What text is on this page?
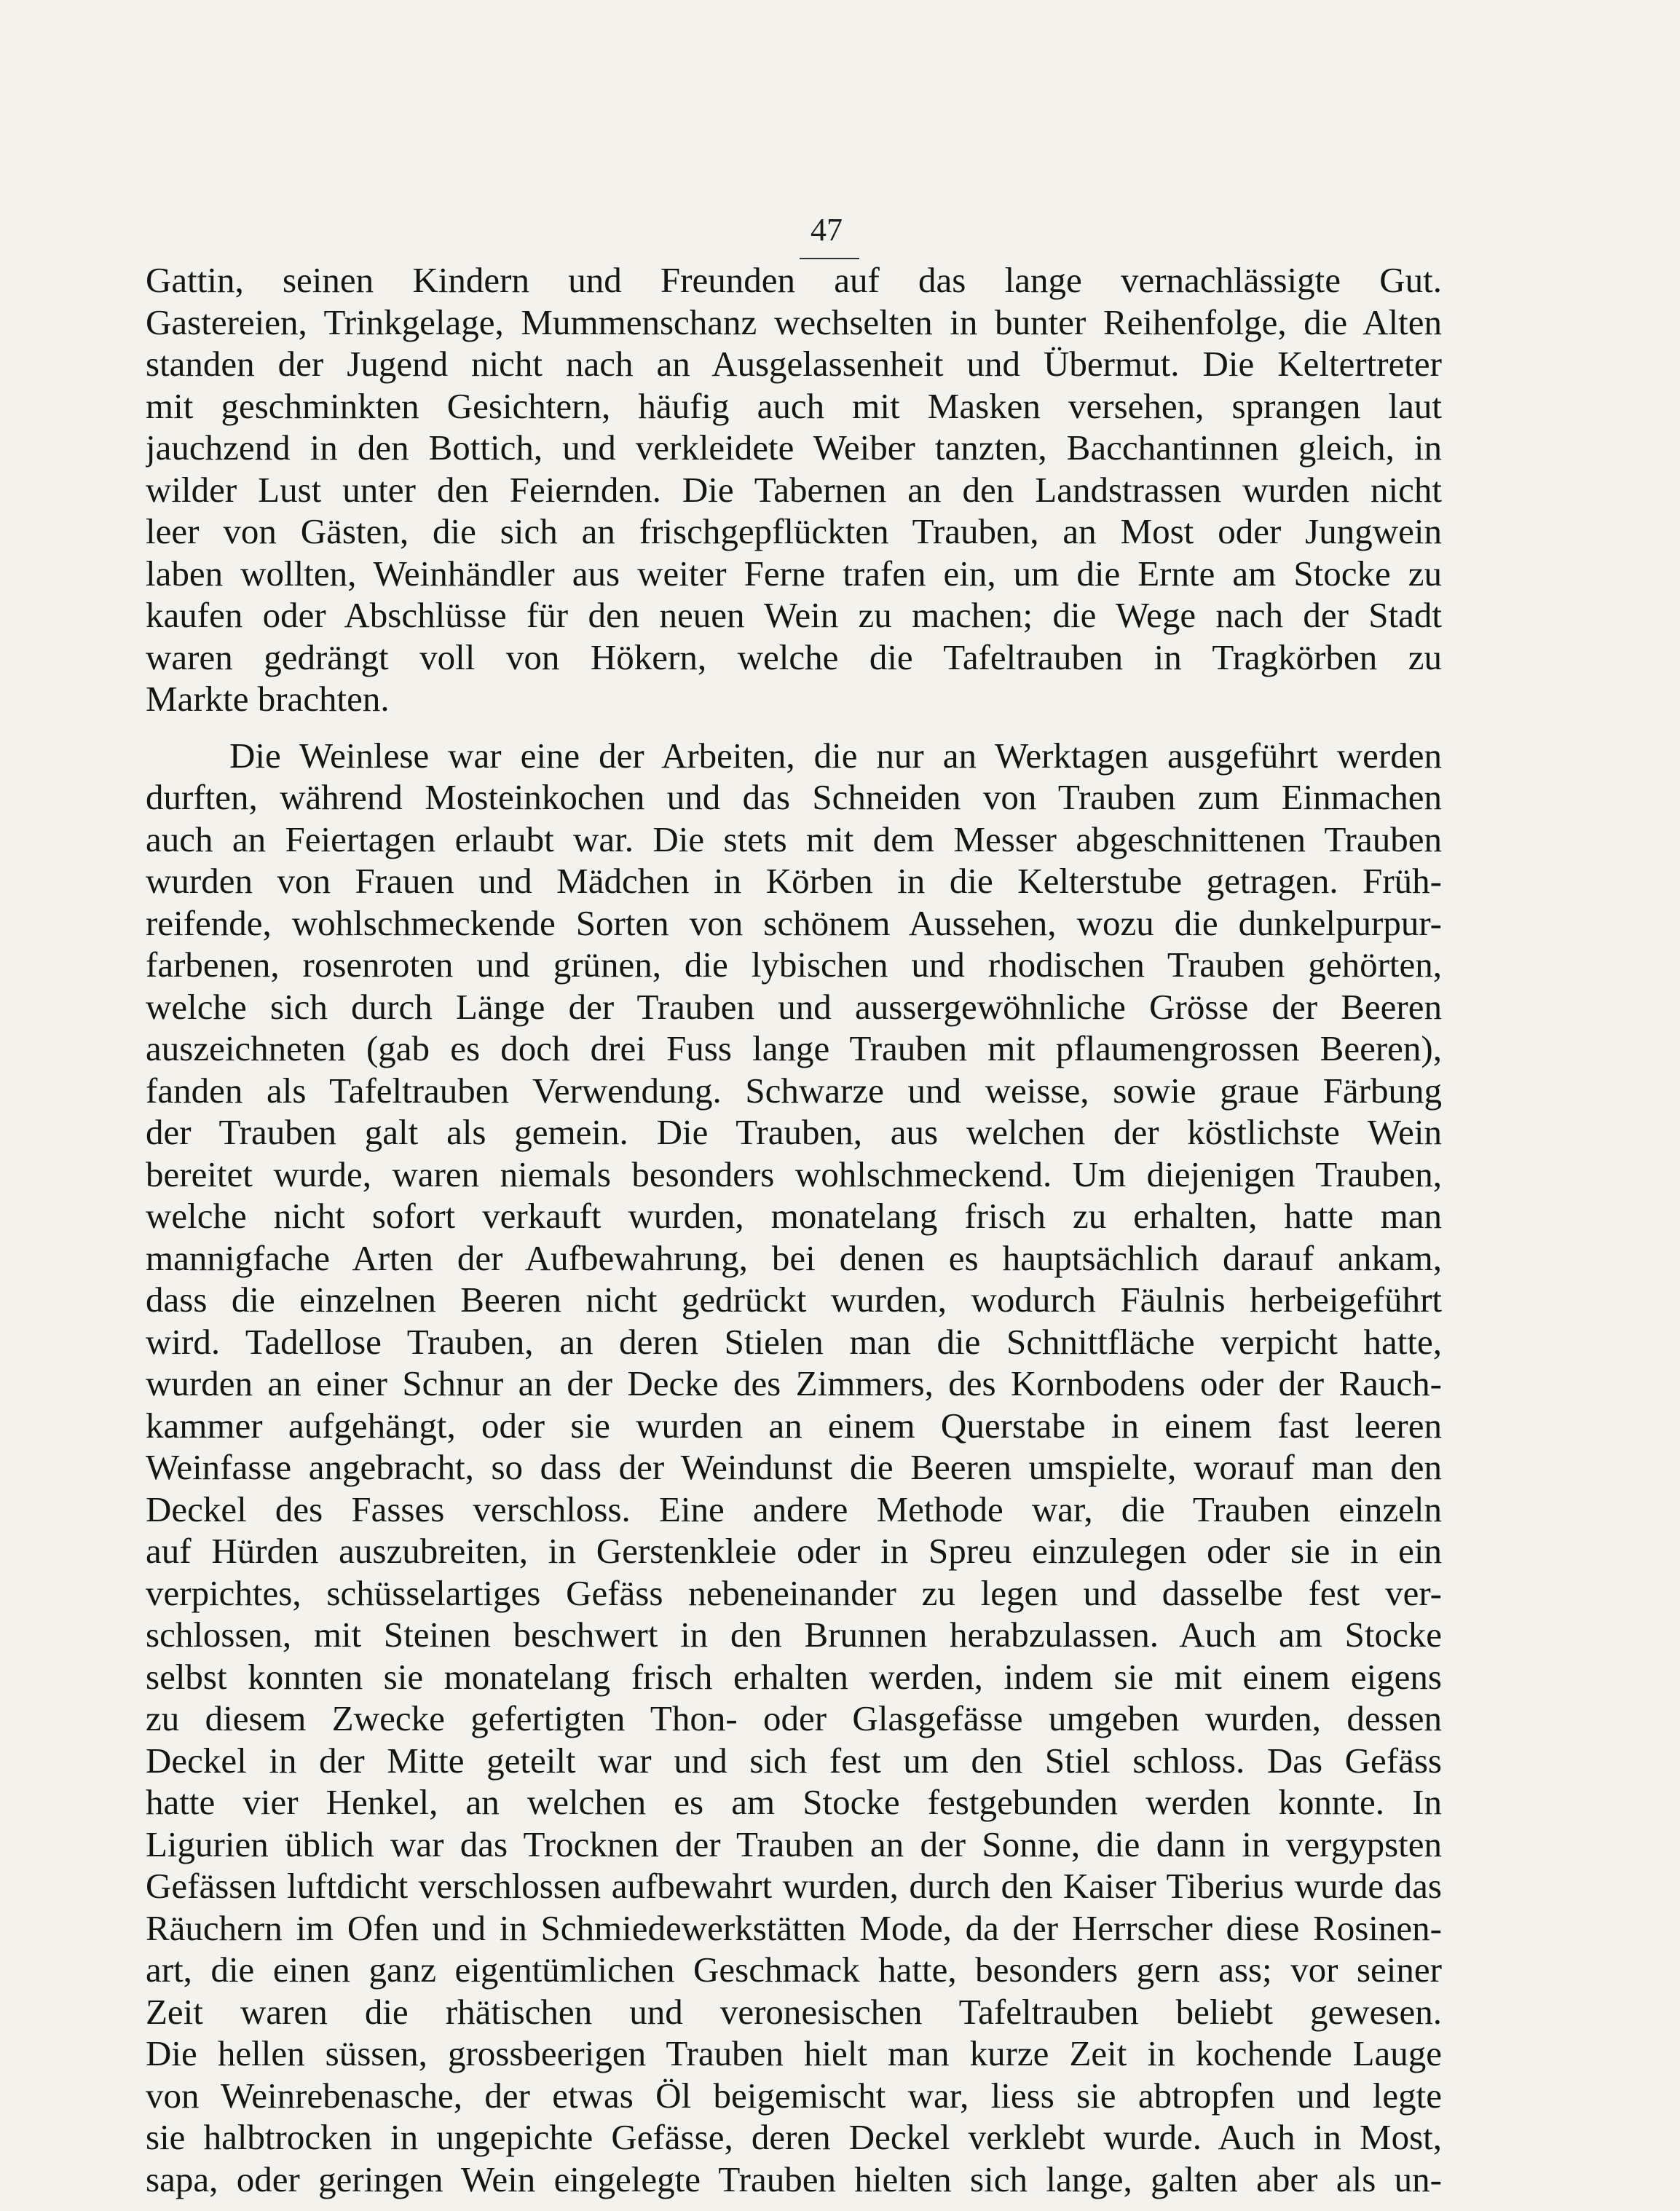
47
Gattin, seinen Kindern und Freunden auf das lange vernachlässigte Gut.
Gastereien, Trinkgelage, Mummenschanz wechselten in bunter Reihenfolge, die Alten
standen der Jugend nicht nach an Ausgelassenheit und Übermut. Die Keltertreter
mit geschminkten Gesichtern, häufig auch mit Masken versehen, sprangen laut
jauchzend in den Bottich, und verkleidete Weiber tanzten, Bacchantinnen gleich, in
wilder Lust unter den Feiernden. Die Tabernen an den Landstrassen wurden nicht
leer von Gästen, die sich an frischgepflückten Trauben, an Most oder Jungwein
laben wollten, Weinhändler aus weiter Ferne trafen ein, um die Ernte am Stocke zu
kaufen oder Abschlüsse für den neuen Wein zu machen; die Wege nach der Stadt
waren gedrängt voll von Hökern, welche die Tafeltrauben in Tragkörben zu
Markte brachten.
Die Weinlese war eine der Arbeiten, die nur an Werktagen ausgeführt werden
durften, während Mosteinkochen und das Schneiden von Trauben zum Einmachen
auch an Feiertagen erlaubt war. Die stets mit dem Messer abgeschnittenen Trauben
wurden von Frauen und Mädchen in Körben in die Kelterstube getragen. Früh-
reifende, wohlschmeckende Sorten von schönem Aussehen, wozu die dunkelpurpur-
farbenen, rosenroten und grünen, die lybischen und rhodischen Trauben gehörten,
welche sich durch Länge der Trauben und aussergewöhnliche Grösse der Beeren
auszeichneten (gab es doch drei Fuss lange Trauben mit pflaumengrossen Beeren),
fanden als Tafeltrauben Verwendung. Schwarze und weisse, sowie graue Färbung
der Trauben galt als gemein. Die Trauben, aus welchen der köstlichste Wein
bereitet wurde, waren niemals besonders wohlschmeckend. Um diejenigen Trauben,
welche nicht sofort verkauft wurden, monatelang frisch zu erhalten, hatte man
mannigfache Arten der Aufbewahrung, bei denen es hauptsächlich darauf ankam,
dass die einzelnen Beeren nicht gedrückt wurden, wodurch Fäulnis herbeigeführt
wird. Tadellose Trauben, an deren Stielen man die Schnittfläche verpicht hatte,
wurden an einer Schnur an der Decke des Zimmers, des Kornbodens oder der Rauch-
kammer aufgehängt, oder sie wurden an einem Querstabe in einem fast leeren
Weinfasse angebracht, so dass der Weindunst die Beeren umspielte, worauf man den
Deckel des Fasses verschloss. Eine andere Methode war, die Trauben einzeln
auf Hürden auszubreiten, in Gerstenkleie oder in Spreu einzulegen oder sie in ein
verpichtes, schüsselartiges Gefäss nebeneinander zu legen und dasselbe fest ver-
schlossen, mit Steinen beschwert in den Brunnen herabzulassen. Auch am Stocke
selbst konnten sie monatelang frisch erhalten werden, indem sie mit einem eigens
zu diesem Zwecke gefertigten Thon- oder Glasgefässe umgeben wurden, dessen
Deckel in der Mitte geteilt war und sich fest um den Stiel schloss. Das Gefäss
hatte vier Henkel, an welchen es am Stocke festgebunden werden konnte. In
Ligurien üblich war das Trocknen der Trauben an der Sonne, die dann in vergypsten
Gefässen luftdicht verschlossen aufbewahrt wurden, durch den Kaiser Tiberius wurde das
Räuchern im Ofen und in Schmiedewerkstätten Mode, da der Herrscher diese Rosinen-
art, die einen ganz eigentümlichen Geschmack hatte, besonders gern ass; vor seiner
Zeit waren die rhätischen und veronesischen Tafeltrauben beliebt gewesen.
Die hellen süssen, grossbeerigen Trauben hielt man kurze Zeit in kochende Lauge
von Weinrebenasche, der etwas Öl beigemischt war, liess sie abtropfen und legte
sie halbtrocken in ungepichte Gefässe, deren Deckel verklebt wurde. Auch in Most,
sapa, oder geringen Wein eingelegte Trauben hielten sich lange, galten aber als un-
